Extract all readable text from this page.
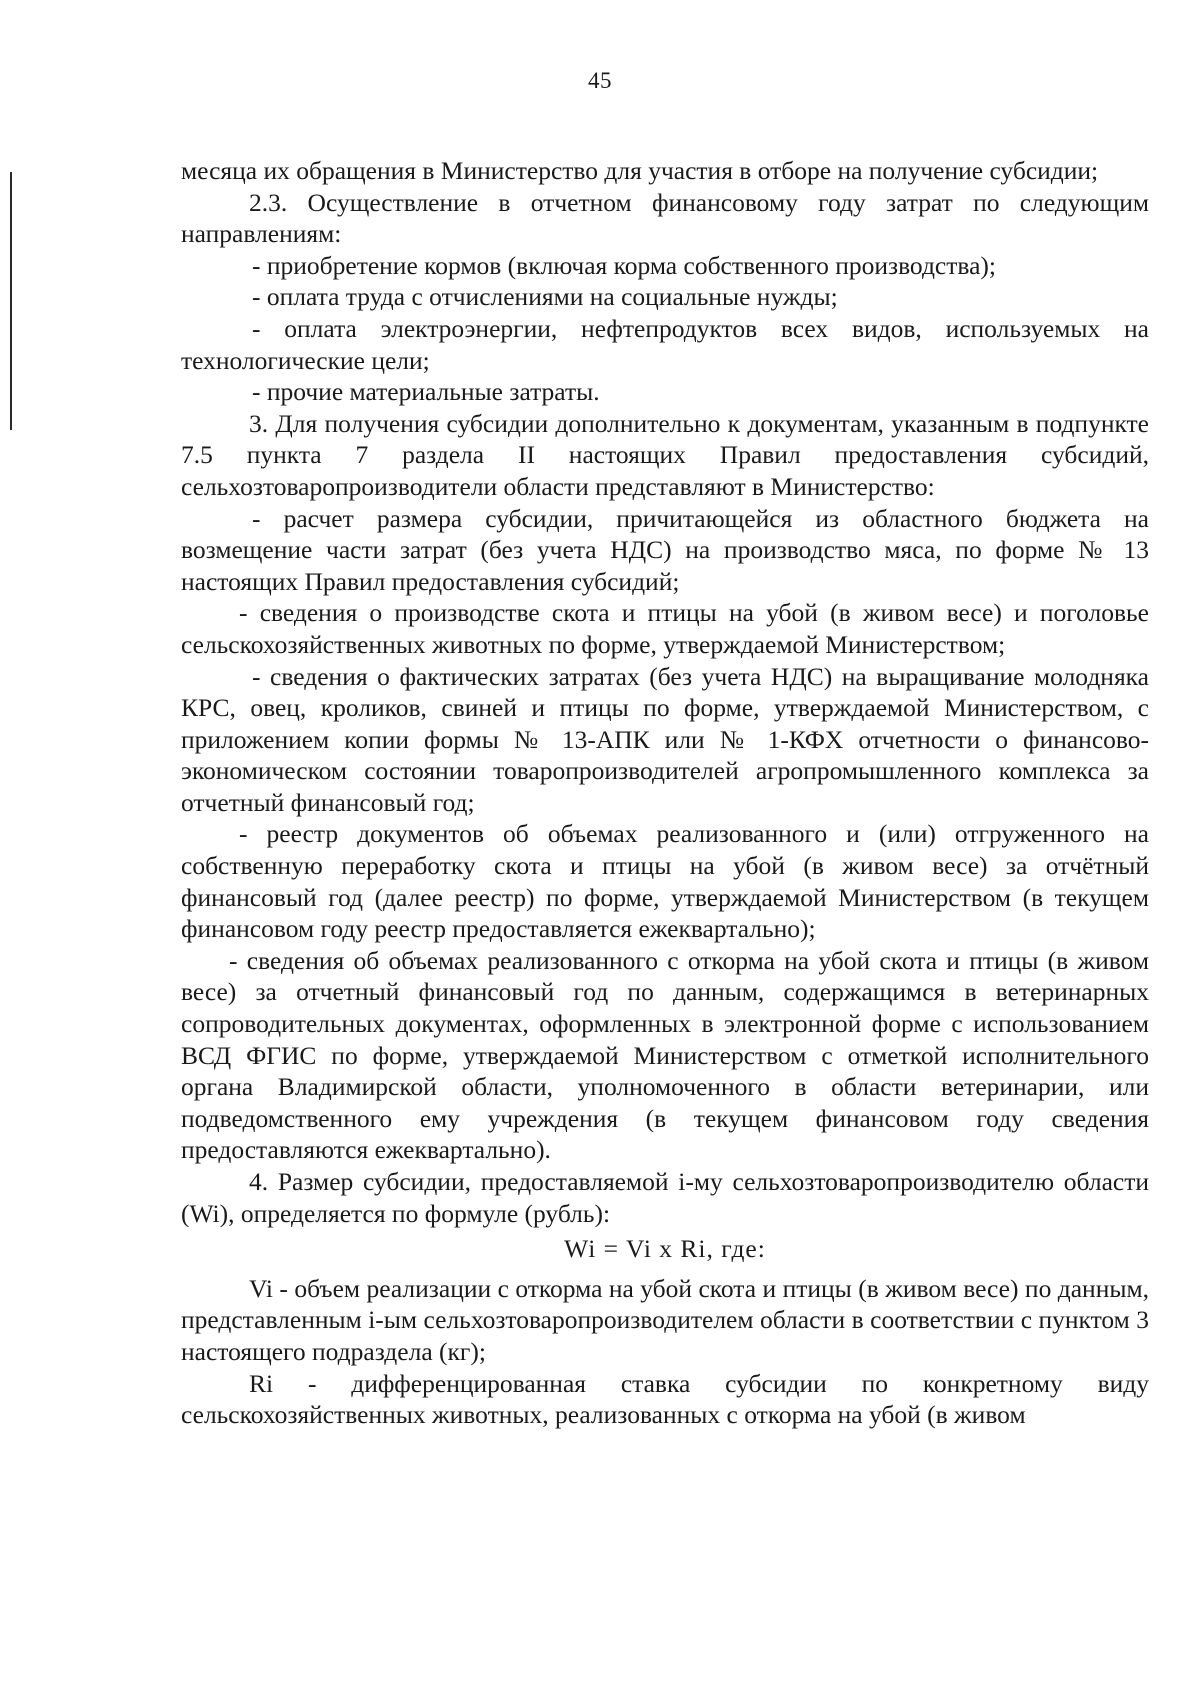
45

месяца их обращения в Министерство для участия в отборе на получение субсидии;

2.3. Осуществление в отчетном финансовому году затрат по следующим направлениям:

- приобретение кормов (включая корма собственного производства);

- оплата труда с отчислениями на социальные нужды;

- оплата электроэнергии, нефтепродуктов всех видов, используемых на технологические цели;

- прочие материальные затраты.

3. Для получения субсидии дополнительно к документам, указанным в подпункте 7.5 пункта 7 раздела II настоящих Правил предоставления субсидий, сельхозтоваропроизводители области представляют в Министерство:

- расчет размера субсидии, причитающейся из областного бюджета на возмещение части затрат (без учета НДС) на производство мяса, по форме № 13 настоящих Правил предоставления субсидий;

- сведения о производстве скота и птицы на убой (в живом весе) и поголовье сельскохозяйственных животных по форме, утверждаемой Министерством;

- сведения о фактических затратах (без учета НДС) на выращивание молодняка КРС, овец, кроликов, свиней и птицы по форме, утверждаемой Министерством, с приложением копии формы № 13-АПК или № 1-КФХ отчетности о финансово-экономическом состоянии товаропроизводителей агропромышленного комплекса за отчетный финансовый год;

- реестр документов об объемах реализованного и (или) отгруженного на собственную переработку скота и птицы на убой (в живом весе) за отчётный финансовый год (далее реестр) по форме, утверждаемой Министерством (в текущем финансовом году реестр предоставляется ежеквартально);

- сведения об объемах реализованного с откорма на убой скота и птицы (в живом весе) за отчетный финансовый год по данным, содержащимся в ветеринарных сопроводительных документах, оформленных в электронной форме с использованием ВСД ФГИС по форме, утверждаемой Министерством с отметкой исполнительного органа Владимирской области, уполномоченного в области ветеринарии, или подведомственного ему учреждения (в текущем финансовом году сведения предоставляются ежеквартально).

4. Размер субсидии, предоставляемой i-му сельхозтоваропроизводителю области (Wi), определяется по формуле (рубль):

Wi = Vi x Ri, где:

Vi - объем реализации с откорма на убой скота и птицы (в живом весе) по данным, представленным i-ым сельхозтоваропроизводителем области в соответствии с пунктом 3 настоящего подраздела (кг);

Ri - дифференцированная ставка субсидии по конкретному виду сельскохозяйственных животных, реализованных с откорма на убой (в живом
